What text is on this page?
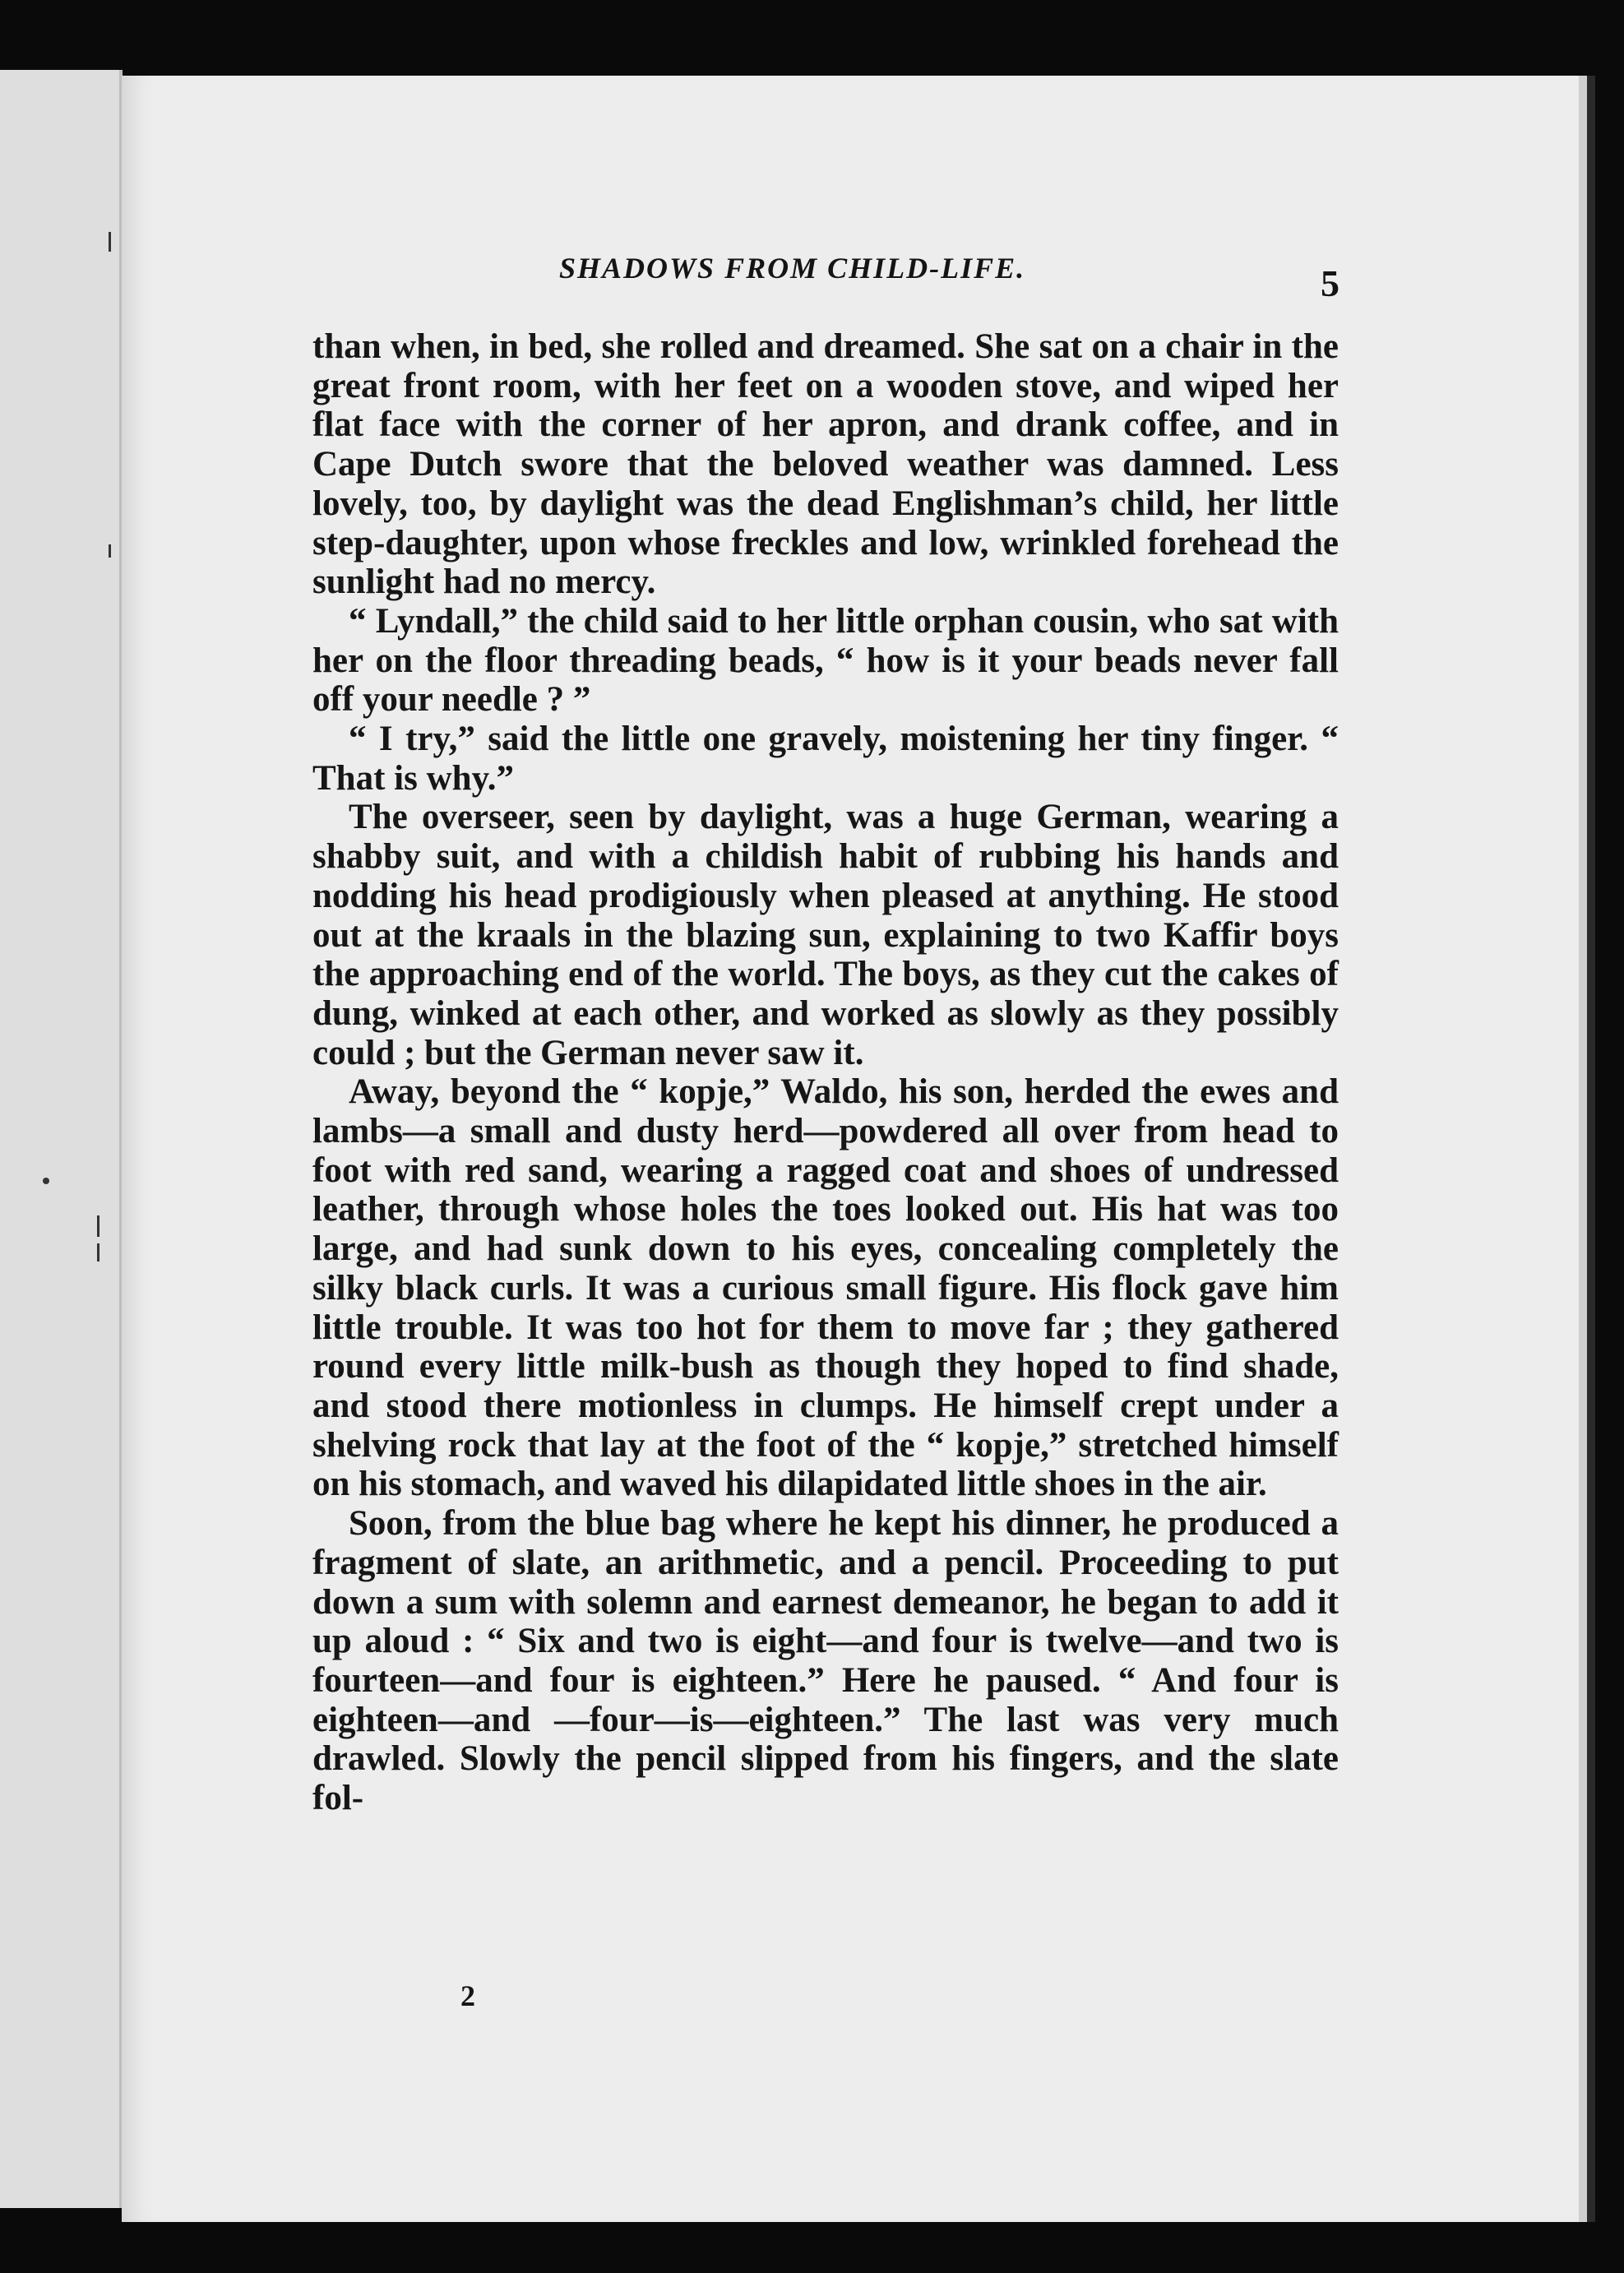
SHADOWS FROM CHILD-LIFE.	5

than when, in bed, she rolled and dreamed. She sat on a chair in the great front room, with her feet on a wooden stove, and wiped her flat face with the corner of her apron, and drank coffee, and in Cape Dutch swore that the beloved weather was damned. Less lovely, too, by daylight was the dead Englishman’s child, her little step-daughter, upon whose freckles and low, wrinkled forehead the sunlight had no mercy.

“ Lyndall,” the child said to her little orphan cousin, who sat with her on the floor threading beads, “ how is it your beads never fall off your needle ? ”

“ I try,” said the little one gravely, moistening her tiny finger. “ That is why.”

The overseer, seen by daylight, was a huge German, wearing a shabby suit, and with a childish habit of rubbing his hands and nodding his head prodigiously when pleased at anything. He stood out at the kraals in the blazing sun, explaining to two Kaffir boys the approaching end of the world. The boys, as they cut the cakes of dung, winked at each other, and worked as slowly as they possibly could ; but the German never saw it.

Away, beyond the “ kopje,” Waldo, his son, herded the ewes and lambs—a small and dusty herd—powdered all over from head to foot with red sand, wearing a ragged coat and shoes of undressed leather, through whose holes the toes looked out. His hat was too large, and had sunk down to his eyes, concealing completely the silky black curls. It was a curious small figure. His flock gave him little trouble. It was too hot for them to move far ; they gathered round every little milk-bush as though they hoped to find shade, and stood there motionless in clumps. He himself crept under a shelving rock that lay at the foot of the “ kopje,” stretched himself on his stomach, and waved his dilapidated little shoes in the air.

Soon, from the blue bag where he kept his dinner, he produced a fragment of slate, an arithmetic, and a pencil. Proceeding to put down a sum with solemn and earnest demeanor, he began to add it up aloud : “ Six and two is eight—and four is twelve—and two is fourteen—and four is eighteen.” Here he paused. “ And four is eighteen—and —four—is—eighteen.” The last was very much drawled. Slowly the pencil slipped from his fingers, and the slate fol-

2
